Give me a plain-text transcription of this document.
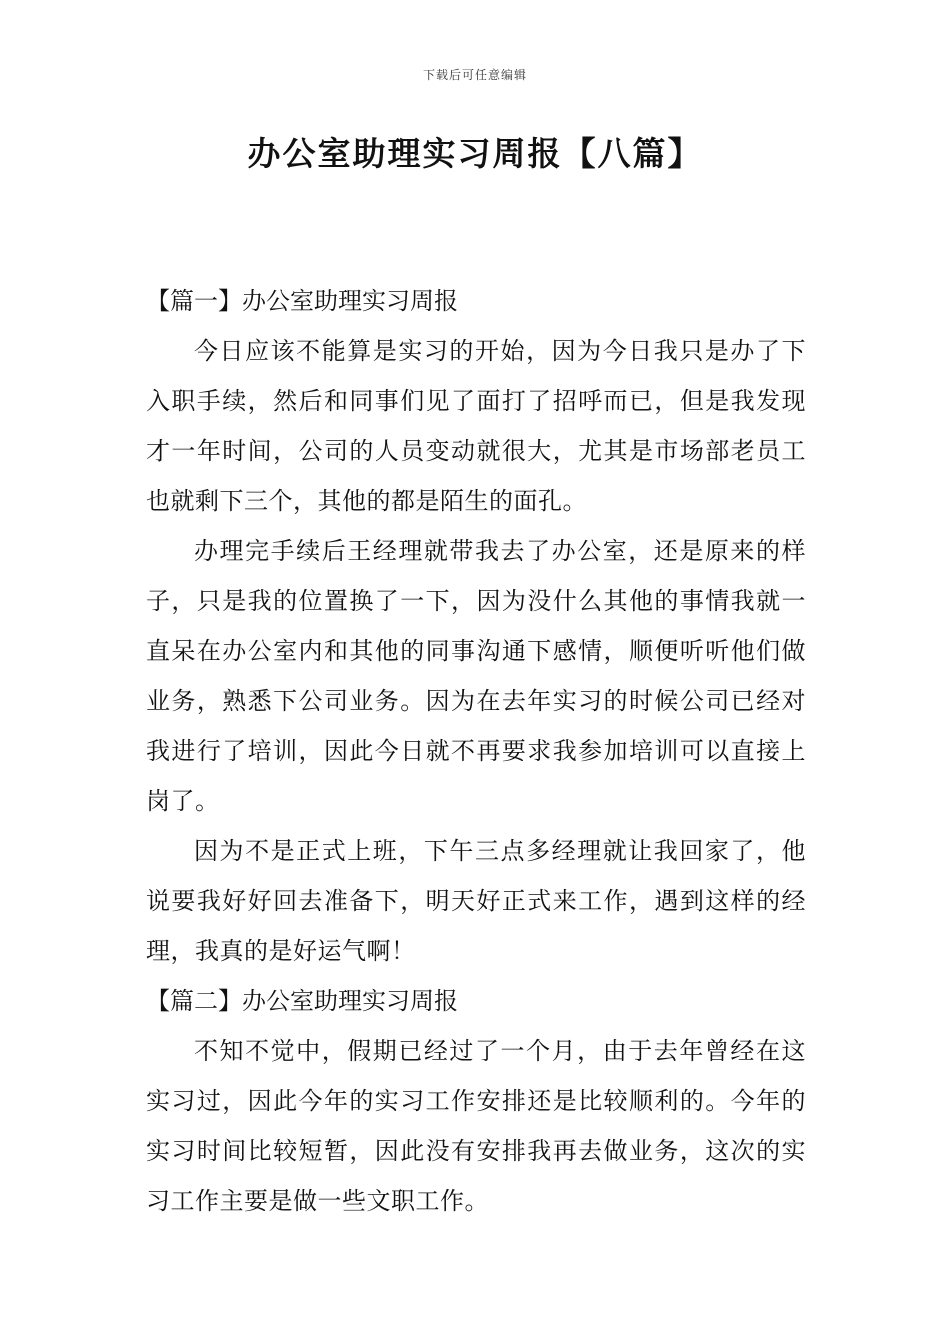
下载后可任意编辑
办公室助理实习周报【八篇】
【篇一】办公室助理实习周报

今日应该不能算是实习的开始，因为今日我只是办了下入职手续，然后和同事们见了面打了招呼而已，但是我发现才一年时间，公司的人员变动就很大，尤其是市场部老员工也就剩下三个，其他的都是陌生的面孔。

办理完手续后王经理就带我去了办公室，还是原来的样子，只是我的位置换了一下，因为没什么其他的事情我就一直呆在办公室内和其他的同事沟通下感情，顺便听听他们做业务，熟悉下公司业务。因为在去年实习的时候公司已经对我进行了培训，因此今日就不再要求我参加培训可以直接上岗了。

因为不是正式上班，下午三点多经理就让我回家了，他说要我好好回去准备下，明天好正式来工作，遇到这样的经理，我真的是好运气啊！

【篇二】办公室助理实习周报

不知不觉中，假期已经过了一个月，由于去年曾经在这实习过，因此今年的实习工作安排还是比较顺利的。今年的实习时间比较短暂，因此没有安排我再去做业务，这次的实习工作主要是做一些文职工作。
